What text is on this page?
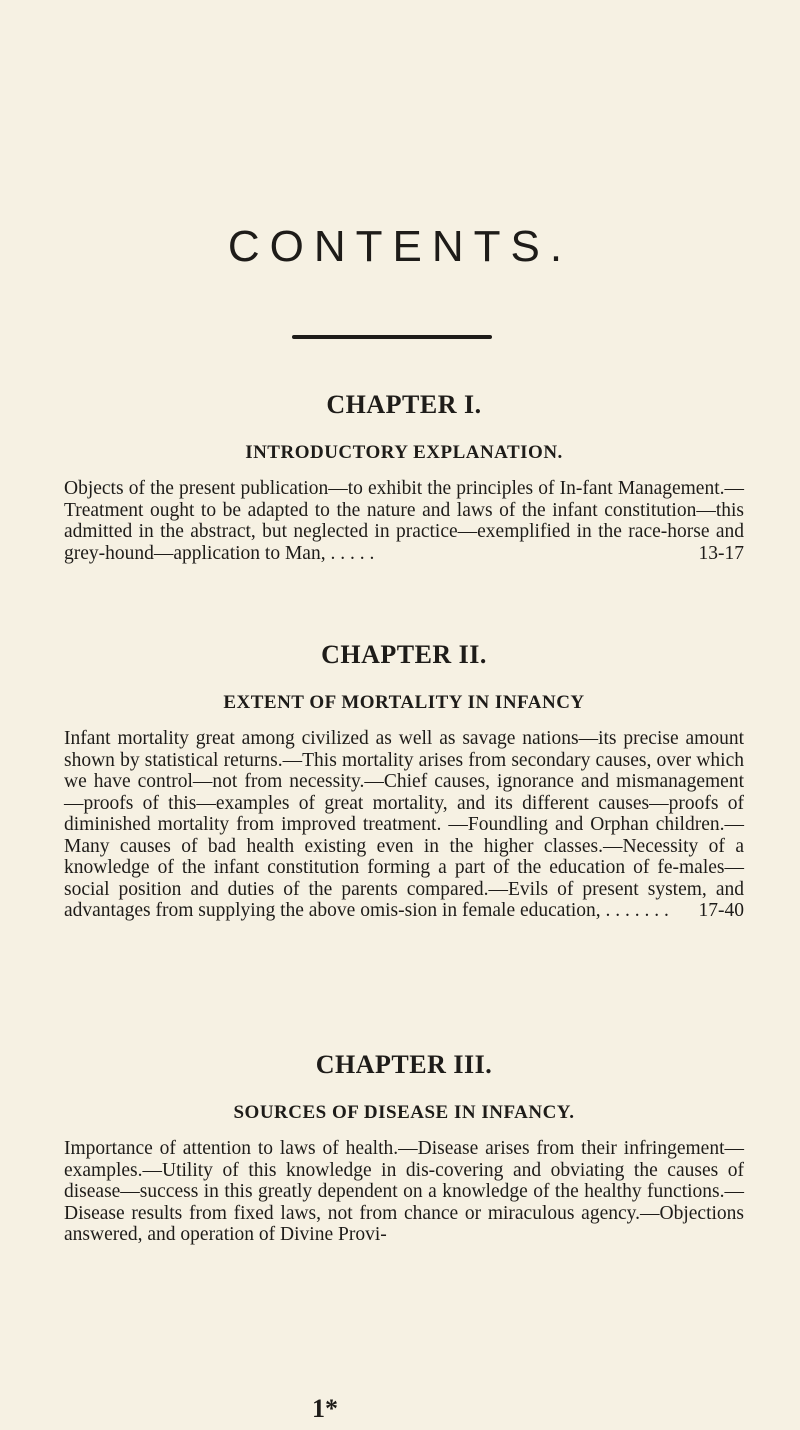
CONTENTS.
CHAPTER I.
INTRODUCTORY EXPLANATION.

Objects of the present publication—to exhibit the principles of In-fant Management.—Treatment ought to be adapted to the nature and laws of the infant constitution—this admitted in the abstract, but neglected in practice—exemplified in the race-horse and grey-hound—application to Man, . . . . .	13-17

CHAPTER II.
EXTENT OF MORTALITY IN INFANCY

Infant mortality great among civilized as well as savage nations—its precise amount shown by statistical returns.—This mortality arises from secondary causes, over which we have control—not from necessity.—Chief causes, ignorance and mismanagement—proofs of this—examples of great mortality, and its different causes—proofs of diminished mortality from improved treatment. —Foundling and Orphan children.—Many causes of bad health existing even in the higher classes.—Necessity of a knowledge of the infant constitution forming a part of the education of fe-males—social position and duties of the parents compared.—Evils of present system, and advantages from supplying the above omis-sion in female education, . . . . . . . 17-40

CHAPTER III.
SOURCES OF DISEASE IN INFANCY.

Importance of attention to laws of health.—Disease arises from their infringement—examples.—Utility of this knowledge in dis-covering and obviating the causes of disease—success in this greatly dependent on a knowledge of the healthy functions.—Disease results from fixed laws, not from chance or miraculous agency.—Objections answered, and operation of Divine Provi-

1*
